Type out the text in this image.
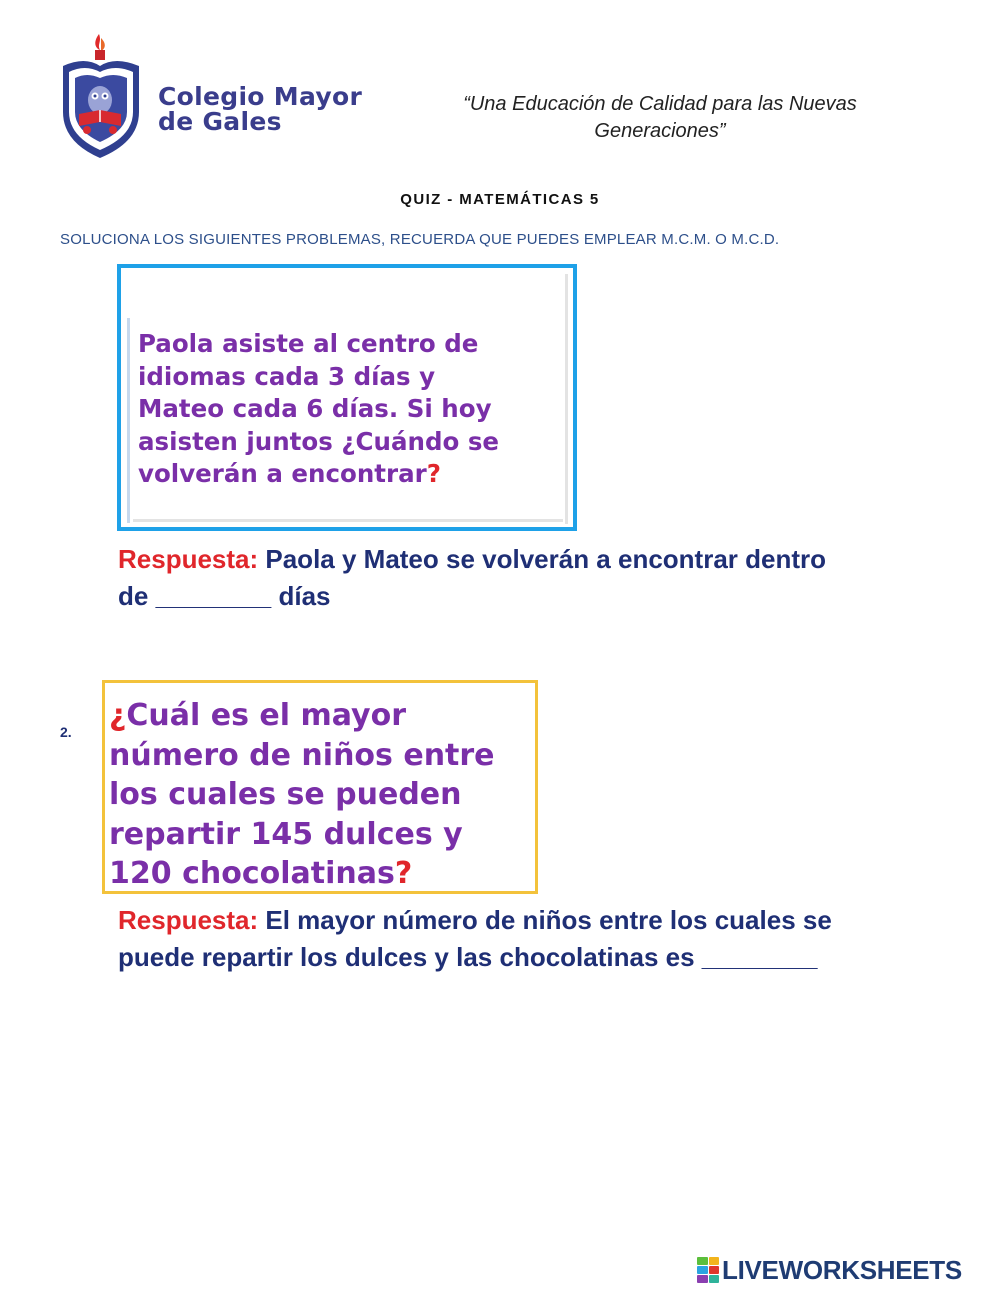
Colegio Mayor
de Gales
“Una Educación de Calidad para las Nuevas
Generaciones”
QUIZ - MATEMÁTICAS 5
SOLUCIONA LOS SIGUIENTES PROBLEMAS, RECUERDA QUE PUEDES EMPLEAR M.C.M. O M.C.D.
Paola asiste al centro de
idiomas cada 3 días y
Mateo cada 6 días. Si hoy
asisten juntos ¿Cuándo se
volverán a encontrar?
Respuesta: Paola y Mateo se volverán a encontrar dentro
de ________ días
2. ¿Cuál es el mayor
número de niños entre
los cuales se pueden
repartir 145 dulces y
120 chocolatinas?
Respuesta: El mayor número de niños entre los cuales se
puede repartir los dulces y las chocolatinas es ________
LIVEWORKSHEETS
